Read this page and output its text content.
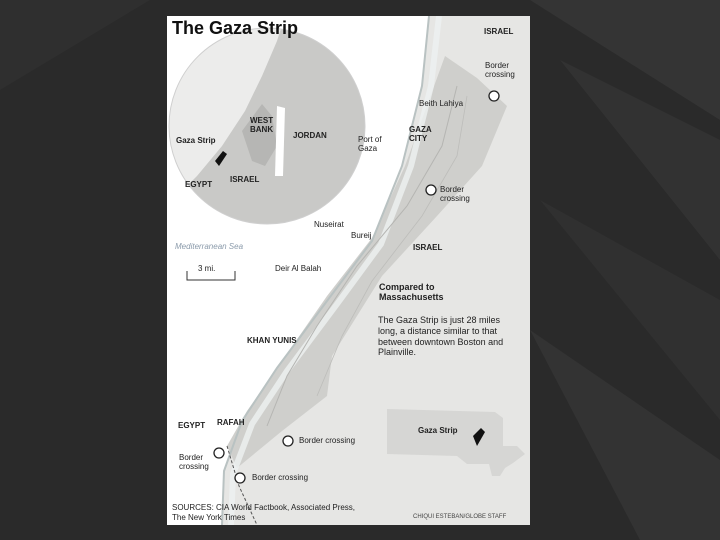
The Gaza Strip
WEST BANK
JORDAN
Gaza Strip
EGYPT
ISRAEL
ISRAEL
Border crossing
Beith Lahiya
Port of Gaza
GAZA CITY
Border crossing
Nuseirat
Bureij
ISRAEL
Mediterranean Sea
3 mi.	Deir Al Balah
Compared to Massachusetts
The Gaza Strip is just 28 miles long, a distance similar to that between downtown Boston and Plainville.
KHAN YUNIS
EGYPT RAFAH
Border crossing
Border crossing
Border crossing
Gaza Strip
SOURCES: CIA World Factbook, Associated Press, The New York Times	CHIQUI ESTEBAN/GLOBE STAFF
